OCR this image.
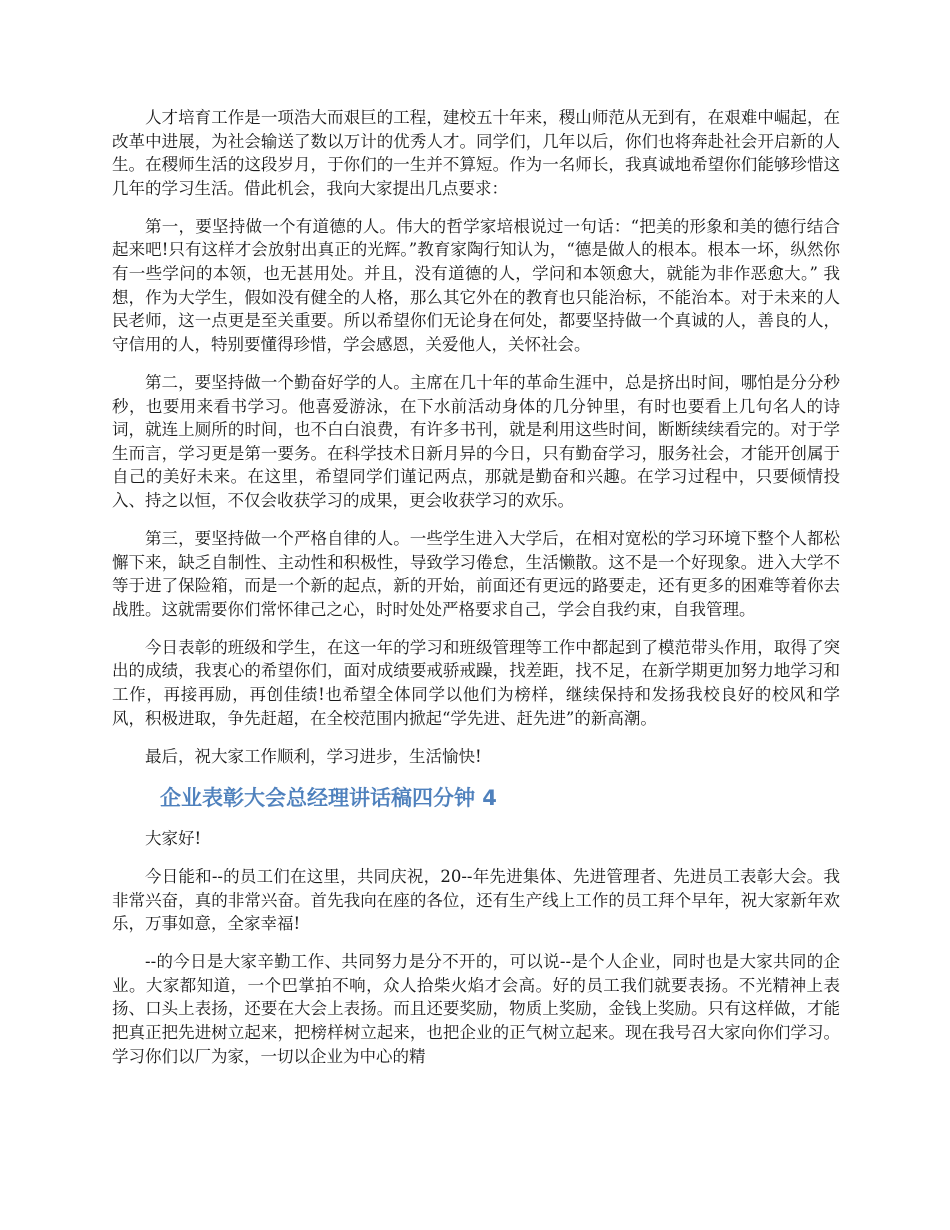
人才培育工作是一项浩大而艰巨的工程，建校五十年来，稷山师范从无到有，在艰难中崛起，在改革中进展，为社会输送了数以万计的优秀人才。同学们，几年以后，你们也将奔赴社会开启新的人生。在稷师生活的这段岁月，于你们的一生并不算短。作为一名师长，我真诚地希望你们能够珍惜这几年的学习生活。借此机会，我向大家提出几点要求：

第一，要坚持做一个有道德的人。伟大的哲学家培根说过一句话：“把美的形象和美的德行结合起来吧!只有这样才会放射出真正的光辉。”教育家陶行知认为，“德是做人的根本。根本一坏，纵然你有一些学问的本领，也无甚用处。并且，没有道德的人，学问和本领愈大，就能为非作恶愈大。” 我想，作为大学生，假如没有健全的人格，那么其它外在的教育也只能治标，不能治本。对于未来的人民老师，这一点更是至关重要。所以希望你们无论身在何处，都要坚持做一个真诚的人，善良的人，守信用的人，特别要懂得珍惜，学会感恩，关爱他人，关怀社会。

第二，要坚持做一个勤奋好学的人。主席在几十年的革命生涯中，总是挤出时间，哪怕是分分秒秒，也要用来看书学习。他喜爱游泳，在下水前活动身体的几分钟里，有时也要看上几句名人的诗词，就连上厕所的时间，也不白白浪费，有许多书刊，就是利用这些时间，断断续续看完的。对于学生而言，学习更是第一要务。在科学技术日新月异的今日，只有勤奋学习，服务社会，才能开创属于自己的美好未来。在这里，希望同学们谨记两点，那就是勤奋和兴趣。在学习过程中，只要倾情投入、持之以恒，不仅会收获学习的成果，更会收获学习的欢乐。

第三，要坚持做一个严格自律的人。一些学生进入大学后，在相对宽松的学习环境下整个人都松懈下来，缺乏自制性、主动性和积极性，导致学习倦怠，生活懒散。这不是一个好现象。进入大学不等于进了保险箱，而是一个新的起点，新的开始，前面还有更远的路要走，还有更多的困难等着你去战胜。这就需要你们常怀律己之心，时时处处严格要求自己，学会自我约束，自我管理。

今日表彰的班级和学生，在这一年的学习和班级管理等工作中都起到了模范带头作用，取得了突出的成绩，我衷心的希望你们，面对成绩要戒骄戒躁，找差距，找不足，在新学期更加努力地学习和工作，再接再励，再创佳绩!也希望全体同学以他们为榜样，继续保持和发扬我校良好的校风和学风，积极进取，争先赶超，在全校范围内掀起“学先进、赶先进”的新高潮。

最后，祝大家工作顺利，学习进步，生活愉快!

企业表彰大会总经理讲话稿四分钟 4

大家好!

今日能和--的员工们在这里，共同庆祝，20--年先进集体、先进管理者、先进员工表彰大会。我非常兴奋，真的非常兴奋。首先我向在座的各位，还有生产线上工作的员工拜个早年，祝大家新年欢乐，万事如意，全家幸福!

--的今日是大家辛勤工作、共同努力是分不开的，可以说--是个人企业，同时也是大家共同的企业。大家都知道，一个巴掌拍不响，众人拾柴火焰才会高。好的员工我们就要表扬。不光精神上表扬、口头上表扬，还要在大会上表扬。而且还要奖励，物质上奖励，金钱上奖励。只有这样做，才能把真正把先进树立起来，把榜样树立起来，也把企业的正气树立起来。现在我号召大家向你们学习。学习你们以厂为家，一切以企业为中心的精
